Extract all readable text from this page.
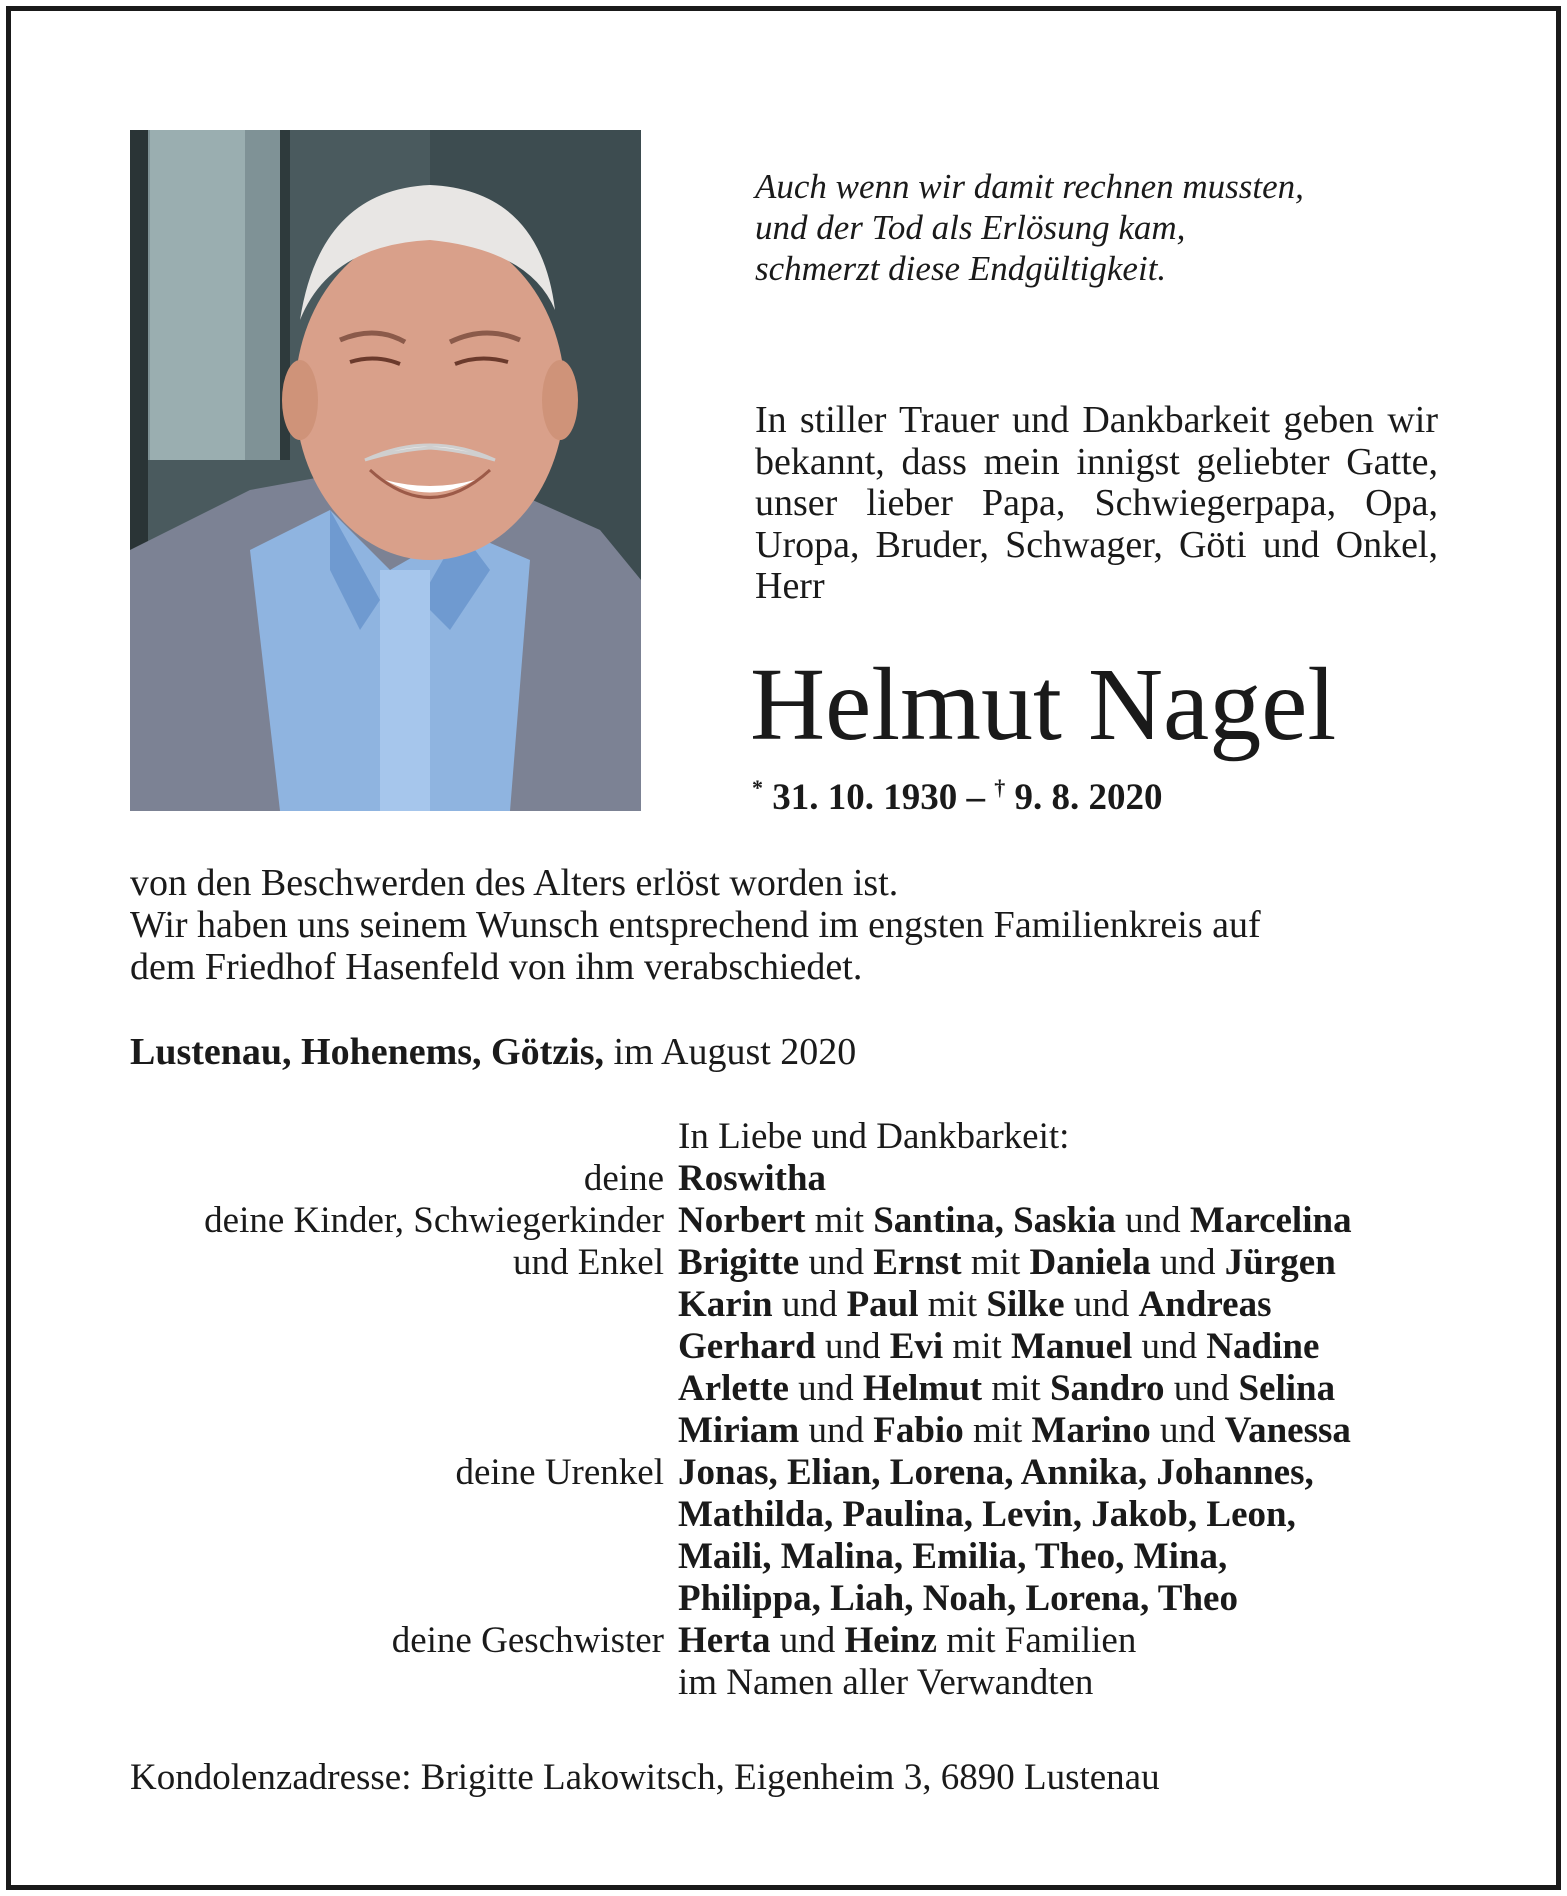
Auch wenn wir damit rechnen mussten,
und der Tod als Erlösung kam,
schmerzt diese Endgültigkeit.
In stiller Trauer und Dankbarkeit geben wir bekannt, dass mein innigst geliebter Gatte, unser lieber Papa, Schwiegerpapa, Opa, Uropa, Bruder, Schwager, Göti und Onkel, Herr
Helmut Nagel
* 31. 10. 1930 – † 9. 8. 2020
von den Beschwerden des Alters erlöst worden ist.
Wir haben uns seinem Wunsch entsprechend im engsten Familienkreis auf
dem Friedhof Hasenfeld von ihm verabschiedet.
Lustenau, Hohenems, Götzis, im August 2020
In Liebe und Dankbarkeit:
deine Roswitha
deine Kinder, Schwiegerkinder Norbert mit Santina, Saskia und Marcelina
und Enkel Brigitte und Ernst mit Daniela und Jürgen
Karin und Paul mit Silke und Andreas
Gerhard und Evi mit Manuel und Nadine
Arlette und Helmut mit Sandro und Selina
Miriam und Fabio mit Marino und Vanessa
deine Urenkel Jonas, Elian, Lorena, Annika, Johannes,
Mathilda, Paulina, Levin, Jakob, Leon,
Maili, Malina, Emilia, Theo, Mina,
Philippa, Liah, Noah, Lorena, Theo
deine Geschwister Herta und Heinz mit Familien
im Namen aller Verwandten
Kondolenzadresse: Brigitte Lakowitsch, Eigenheim 3, 6890 Lustenau
